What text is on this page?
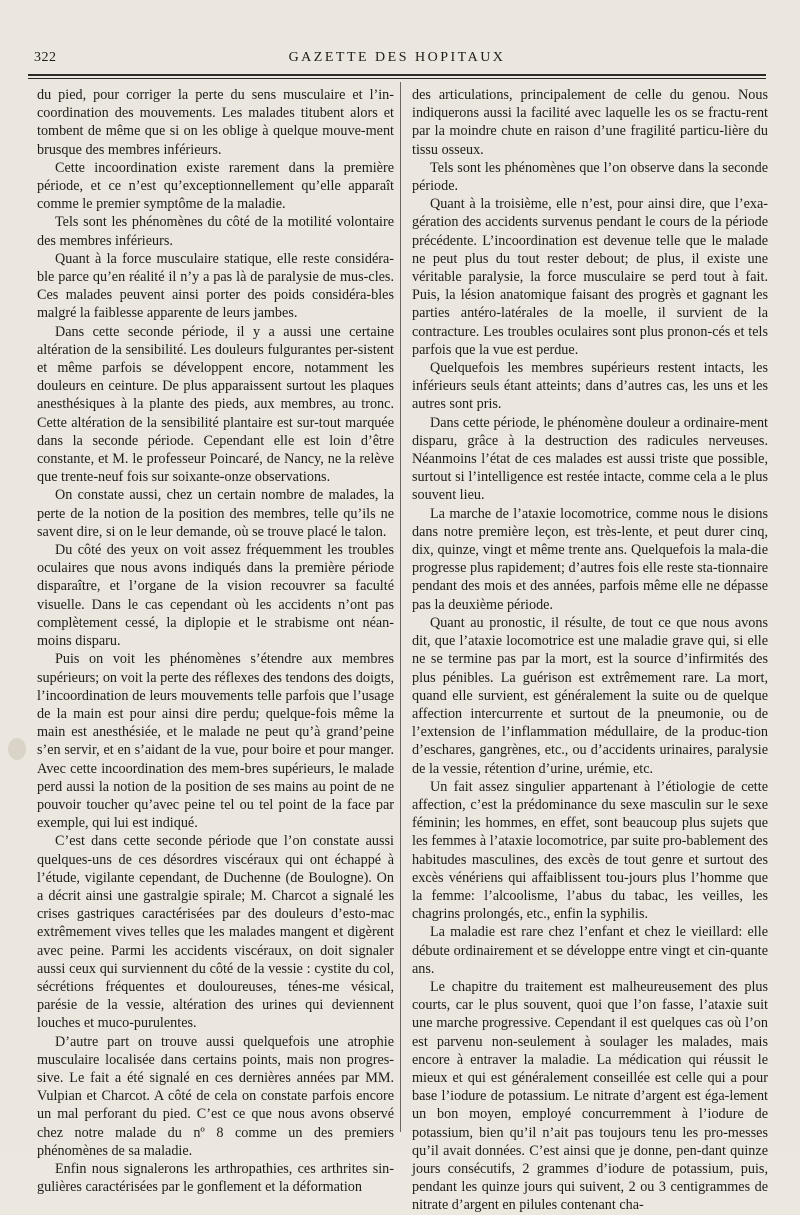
322	GAZETTE DES HOPITAUX

du pied, pour corriger la perte du sens musculaire et l’in-coordination des mouvements. Les malades titubent alors et tombent de même que si on les oblige à quelque mouve-ment brusque des membres inférieurs.

Cette incoordination existe rarement dans la première période, et ce n’est qu’exceptionnellement qu’elle apparaît comme le premier symptôme de la maladie.

Tels sont les phénomènes du côté de la motilité volontaire des membres inférieurs.

Quant à la force musculaire statique, elle reste considéra-ble parce qu’en réalité il n’y a pas là de paralysie de mus-cles. Ces malades peuvent ainsi porter des poids considéra-bles malgré la faiblesse apparente de leurs jambes.

Dans cette seconde période, il y a aussi une certaine altération de la sensibilité. Les douleurs fulgurantes per-sistent et même parfois se développent encore, notamment les douleurs en ceinture. De plus apparaissent surtout les plaques anesthésiques à la plante des pieds, aux membres, au tronc. Cette altération de la sensibilité plantaire est sur-tout marquée dans la seconde période. Cependant elle est loin d’être constante, et M. le professeur Poincaré, de Nancy, ne la relève que trente-neuf fois sur soixante-onze observations.

On constate aussi, chez un certain nombre de malades, la perte de la notion de la position des membres, telle qu’ils ne savent dire, si on le leur demande, où se trouve placé le talon.

Du côté des yeux on voit assez fréquemment les troubles oculaires que nous avons indiqués dans la première période disparaître, et l’organe de la vision recouvrer sa faculté visuelle. Dans le cas cependant où les accidents n’ont pas complètement cessé, la diplopie et le strabisme ont néan-moins disparu.

Puis on voit les phénomènes s’étendre aux membres supérieurs; on voit la perte des réflexes des tendons des doigts, l’incoordination de leurs mouvements telle parfois que l’usage de la main est pour ainsi dire perdu; quelque-fois même la main est anesthésiée, et le malade ne peut qu’à grand’peine s’en servir, et en s’aidant de la vue, pour boire et pour manger. Avec cette incoordination des mem-bres supérieurs, le malade perd aussi la notion de la position de ses mains au point de ne pouvoir toucher qu’avec peine tel ou tel point de la face par exemple, qui lui est indiqué.

C’est dans cette seconde période que l’on constate aussi quelques-uns de ces désordres viscéraux qui ont échappé à l’étude, vigilante cependant, de Duchenne (de Boulogne). On a décrit ainsi une gastralgie spirale; M. Charcot a signalé les crises gastriques caractérisées par des douleurs d’esto-mac extrêmement vives telles que les malades mangent et digèrent avec peine. Parmi les accidents viscéraux, on doit signaler aussi ceux qui surviennent du côté de la vessie : cystite du col, sécrétions fréquentes et douloureuses, ténes-me vésical, parésie de la vessie, altération des urines qui deviennent louches et muco-purulentes.

D’autre part on trouve aussi quelquefois une atrophie musculaire localisée dans certains points, mais non progres-sive. Le fait a été signalé en ces dernières années par MM. Vulpian et Charcot. A côté de cela on constate parfois encore un mal perforant du pied. C’est ce que nous avons observé chez notre malade du nº 8 comme un des premiers phénomènes de sa maladie.

Enfin nous signalerons les arthropathies, ces arthrites sin-gulières caractérisées par le gonflement et la déformation

des articulations, principalement de celle du genou. Nous indiquerons aussi la facilité avec laquelle les os se fractu-rent par la moindre chute en raison d’une fragilité particu-lière du tissu osseux.

Tels sont les phénomènes que l’on observe dans la seconde période.

Quant à la troisième, elle n’est, pour ainsi dire, que l’exa-gération des accidents survenus pendant le cours de la période précédente. L’incoordination est devenue telle que le malade ne peut plus du tout rester debout; de plus, il existe une véritable paralysie, la force musculaire se perd tout à fait. Puis, la lésion anatomique faisant des progrès et gagnant les parties antéro-latérales de la moelle, il survient de la contracture. Les troubles oculaires sont plus pronon-cés et tels parfois que la vue est perdue.

Quelquefois les membres supérieurs restent intacts, les inférieurs seuls étant atteints; dans d’autres cas, les uns et les autres sont pris.

Dans cette période, le phénomène douleur a ordinaire-ment disparu, grâce à la destruction des radicules nerveuses. Néanmoins l’état de ces malades est aussi triste que possible, surtout si l’intelligence est restée intacte, comme cela a le plus souvent lieu.

La marche de l’ataxie locomotrice, comme nous le disions dans notre première leçon, est très-lente, et peut durer cinq, dix, quinze, vingt et même trente ans. Quelquefois la mala-die progresse plus rapidement; d’autres fois elle reste sta-tionnaire pendant des mois et des années, parfois même elle ne dépasse pas la deuxième période.

Quant au pronostic, il résulte, de tout ce que nous avons dit, que l’ataxie locomotrice est une maladie grave qui, si elle ne se termine pas par la mort, est la source d’infirmités des plus pénibles. La guérison est extrêmement rare. La mort, quand elle survient, est généralement la suite ou de quelque affection intercurrente et surtout de la pneumonie, ou de l’extension de l’inflammation médullaire, de la produc-tion d’eschares, gangrènes, etc., ou d’accidents urinaires, paralysie de la vessie, rétention d’urine, urémie, etc.

Un fait assez singulier appartenant à l’étiologie de cette affection, c’est la prédominance du sexe masculin sur le sexe féminin; les hommes, en effet, sont beaucoup plus sujets que les femmes à l’ataxie locomotrice, par suite pro-bablement des habitudes masculines, des excès de tout genre et surtout des excès vénériens qui affaiblissent tou-jours plus l’homme que la femme: l’alcoolisme, l’abus du tabac, les veilles, les chagrins prolongés, etc., enfin la syphilis.

La maladie est rare chez l’enfant et chez le vieillard: elle débute ordinairement et se développe entre vingt et cin-quante ans.

Le chapitre du traitement est malheureusement des plus courts, car le plus souvent, quoi que l’on fasse, l’ataxie suit une marche progressive. Cependant il est quelques cas où l’on est parvenu non-seulement à soulager les malades, mais encore à entraver la maladie. La médication qui réussit le mieux et qui est généralement conseillée est celle qui a pour base l’iodure de potassium. Le nitrate d’argent est éga-lement un bon moyen, employé concurremment à l’iodure de potassium, bien qu’il n’ait pas toujours tenu les pro-messes qu’il avait données. C’est ainsi que je donne, pen-dant quinze jours consécutifs, 2 grammes d’iodure de potassium, puis, pendant les quinze jours qui suivent, 2 ou 3 centigrammes de nitrate d’argent en pilules contenant cha-
